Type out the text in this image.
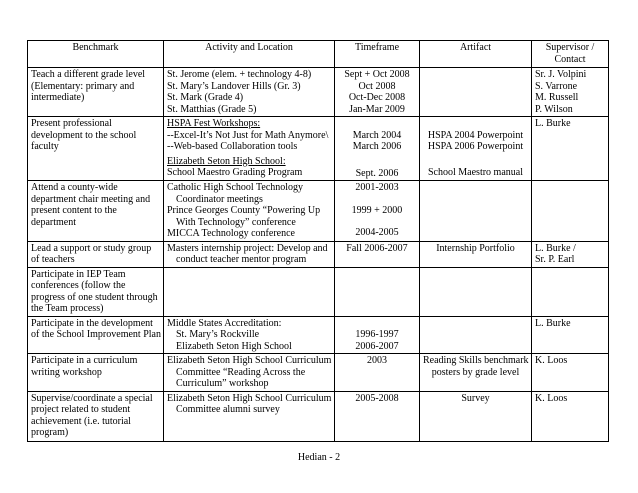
Benchmark	Activity and Location	Timeframe	Artifact	Supervisor / Contact

Teach a different grade level
(Elementary: primary and
intermediate)	St. Jerome (elem. + technology 4-8)
St. Mary’s Landover Hills (Gr. 3)
St. Mark (Grade 4)
St. Matthias (Grade 5)	Sept + Oct 2008
Oct 2008
Oct-Dec 2008
Jan-Mar 2009		Sr. J. Volpini
S. Varrone
M. Russell
P. Wilson

Present professional
development to the school
faculty	HSPA Fest Workshops:
--Excel-It’s Not Just for Math Anymore\
--Web-based Collaboration tools
Elizabeth Seton High School:
School Maestro Grading Program	March 2004
March 2006
Sept. 2006	HSPA 2004 Powerpoint
HSPA 2006 Powerpoint
School Maestro manual	L. Burke

Attend a county-wide
department chair meeting and
present content to the
department	Catholic High School Technology
Coordinator meetings
Prince Georges County “Powering Up
With Technology” conference
MICCA Technology conference	2001-2003
1999 + 2000
2004-2005		

Lead a support or study group
of teachers	Masters internship project: Develop and
conduct teacher mentor program	Fall 2006-2007	Internship Portfolio	L. Burke /
Sr. P. Earl

Participate in IEP Team
conferences (follow the
progress of one student through
the Team process)				

Participate in the development
of the School Improvement Plan	Middle States Accreditation:
St. Mary’s Rockville
Elizabeth Seton High School	1996-1997
2006-2007		L. Burke

Participate in a curriculum
writing workshop	Elizabeth Seton High School Curriculum
Committee “Reading Across the
Curriculum” workshop	2003	Reading Skills benchmark
posters by grade level	K. Loos

Supervise/coordinate a special
project related to student
achievement (i.e. tutorial
program)	Elizabeth Seton High School Curriculum
Committee alumni survey	2005-2008	Survey	K. Loos
Hedian - 2
